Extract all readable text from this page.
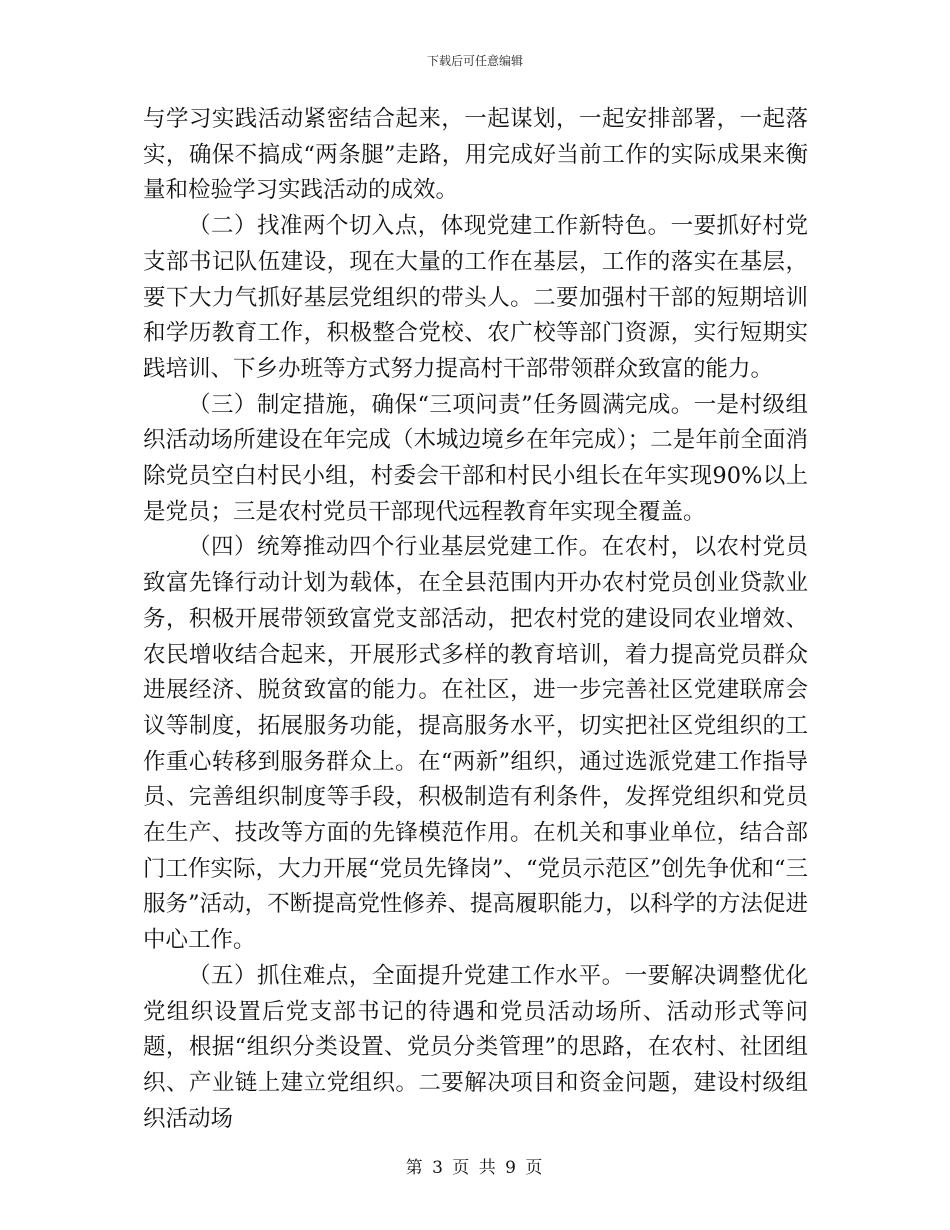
下载后可任意编辑

与学习实践活动紧密结合起来，一起谋划，一起安排部署，一起落实，确保不搞成“两条腿”走路，用完成好当前工作的实际成果来衡量和检验学习实践活动的成效。

（二）找准两个切入点，体现党建工作新特色。一要抓好村党支部书记队伍建设，现在大量的工作在基层，工作的落实在基层，要下大力气抓好基层党组织的带头人。二要加强村干部的短期培训和学历教育工作，积极整合党校、农广校等部门资源，实行短期实践培训、下乡办班等方式努力提高村干部带领群众致富的能力。

（三）制定措施，确保“三项问责”任务圆满完成。一是村级组织活动场所建设在年完成（木城边境乡在年完成）；二是年前全面消除党员空白村民小组，村委会干部和村民小组长在年实现90%以上是党员；三是农村党员干部现代远程教育年实现全覆盖。

（四）统筹推动四个行业基层党建工作。在农村，以农村党员致富先锋行动计划为载体，在全县范围内开办农村党员创业贷款业务，积极开展带领致富党支部活动，把农村党的建设同农业增效、农民增收结合起来，开展形式多样的教育培训，着力提高党员群众进展经济、脱贫致富的能力。在社区，进一步完善社区党建联席会议等制度，拓展服务功能，提高服务水平，切实把社区党组织的工作重心转移到服务群众上。在“两新”组织，通过选派党建工作指导员、完善组织制度等手段，积极制造有利条件，发挥党组织和党员在生产、技改等方面的先锋模范作用。在机关和事业单位，结合部门工作实际，大力开展“党员先锋岗”、“党员示范区”创先争优和“三服务”活动，不断提高党性修养、提高履职能力，以科学的方法促进中心工作。

（五）抓住难点，全面提升党建工作水平。一要解决调整优化党组织设置后党支部书记的待遇和党员活动场所、活动形式等问题，根据“组织分类设置、党员分类管理”的思路，在农村、社团组织、产业链上建立党组织。二要解决项目和资金问题，建设村级组织活动场

第 3 页 共 9 页
